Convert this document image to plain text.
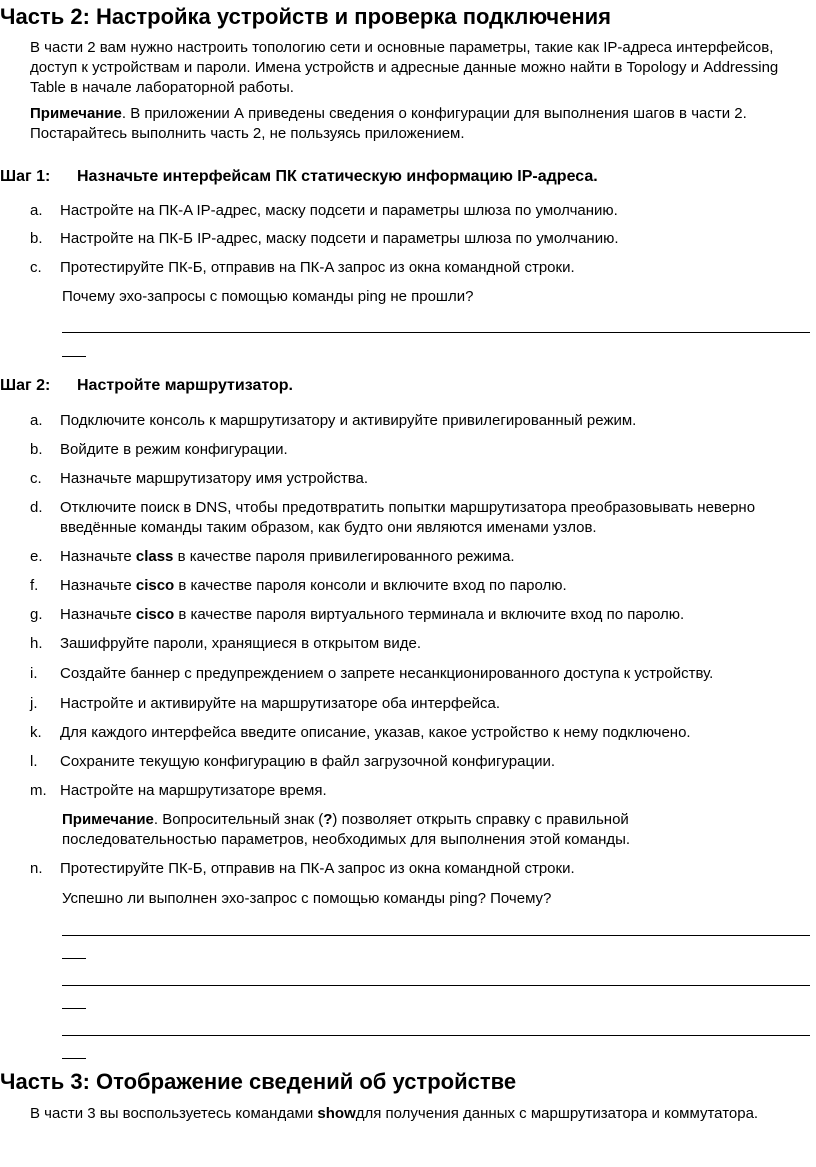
Часть 2: Настройка устройств и проверка подключения

В части 2 вам нужно настроить топологию сети и основные параметры, такие как IP-адреса интерфейсов, доступ к устройствам и пароли. Имена устройств и адресные данные можно найти в Topology и Addressing Table в начале лабораторной работы.

Примечание. В приложении А приведены сведения о конфигурации для выполнения шагов в части 2. Постарайтесь выполнить часть 2, не пользуясь приложением.

Шаг 1: Назначьте интерфейсам ПК статическую информацию IP-адреса.

a. Настройте на ПК-A IP-адрес, маску подсети и параметры шлюза по умолчанию.

b. Настройте на ПК-Б IP-адрес, маску подсети и параметры шлюза по умолчанию.

c. Протестируйте ПК-Б, отправив на ПК-A запрос из окна командной строки.

Почему эхо-запросы с помощью команды ping не прошли?

Шаг 2: Настройте маршрутизатор.

a. Подключите консоль к маршрутизатору и активируйте привилегированный режим.

b. Войдите в режим конфигурации.

c. Назначьте маршрутизатору имя устройства.

d. Отключите поиск в DNS, чтобы предотвратить попытки маршрутизатора преобразовывать неверно введённые команды таким образом, как будто они являются именами узлов.

e. Назначьте class в качестве пароля привилегированного режима.

f. Назначьте cisco в качестве пароля консоли и включите вход по паролю.

g. Назначьте cisco в качестве пароля виртуального терминала и включите вход по паролю.

h. Зашифруйте пароли, хранящиеся в открытом виде.

i. Создайте баннер с предупреждением о запрете несанкционированного доступа к устройству.

j. Настройте и активируйте на маршрутизаторе оба интерфейса.

k. Для каждого интерфейса введите описание, указав, какое устройство к нему подключено.

l. Сохраните текущую конфигурацию в файл загрузочной конфигурации.

m. Настройте на маршрутизаторе время.

Примечание. Вопросительный знак (?) позволяет открыть справку с правильной последовательностью параметров, необходимых для выполнения этой команды.

n. Протестируйте ПК-Б, отправив на ПК-A запрос из окна командной строки.

Успешно ли выполнен эхо-запрос с помощью команды ping? Почему?

Часть 3: Отображение сведений об устройстве

В части 3 вы воспользуетесь командами showдля получения данных с маршрутизатора и коммутатора.
